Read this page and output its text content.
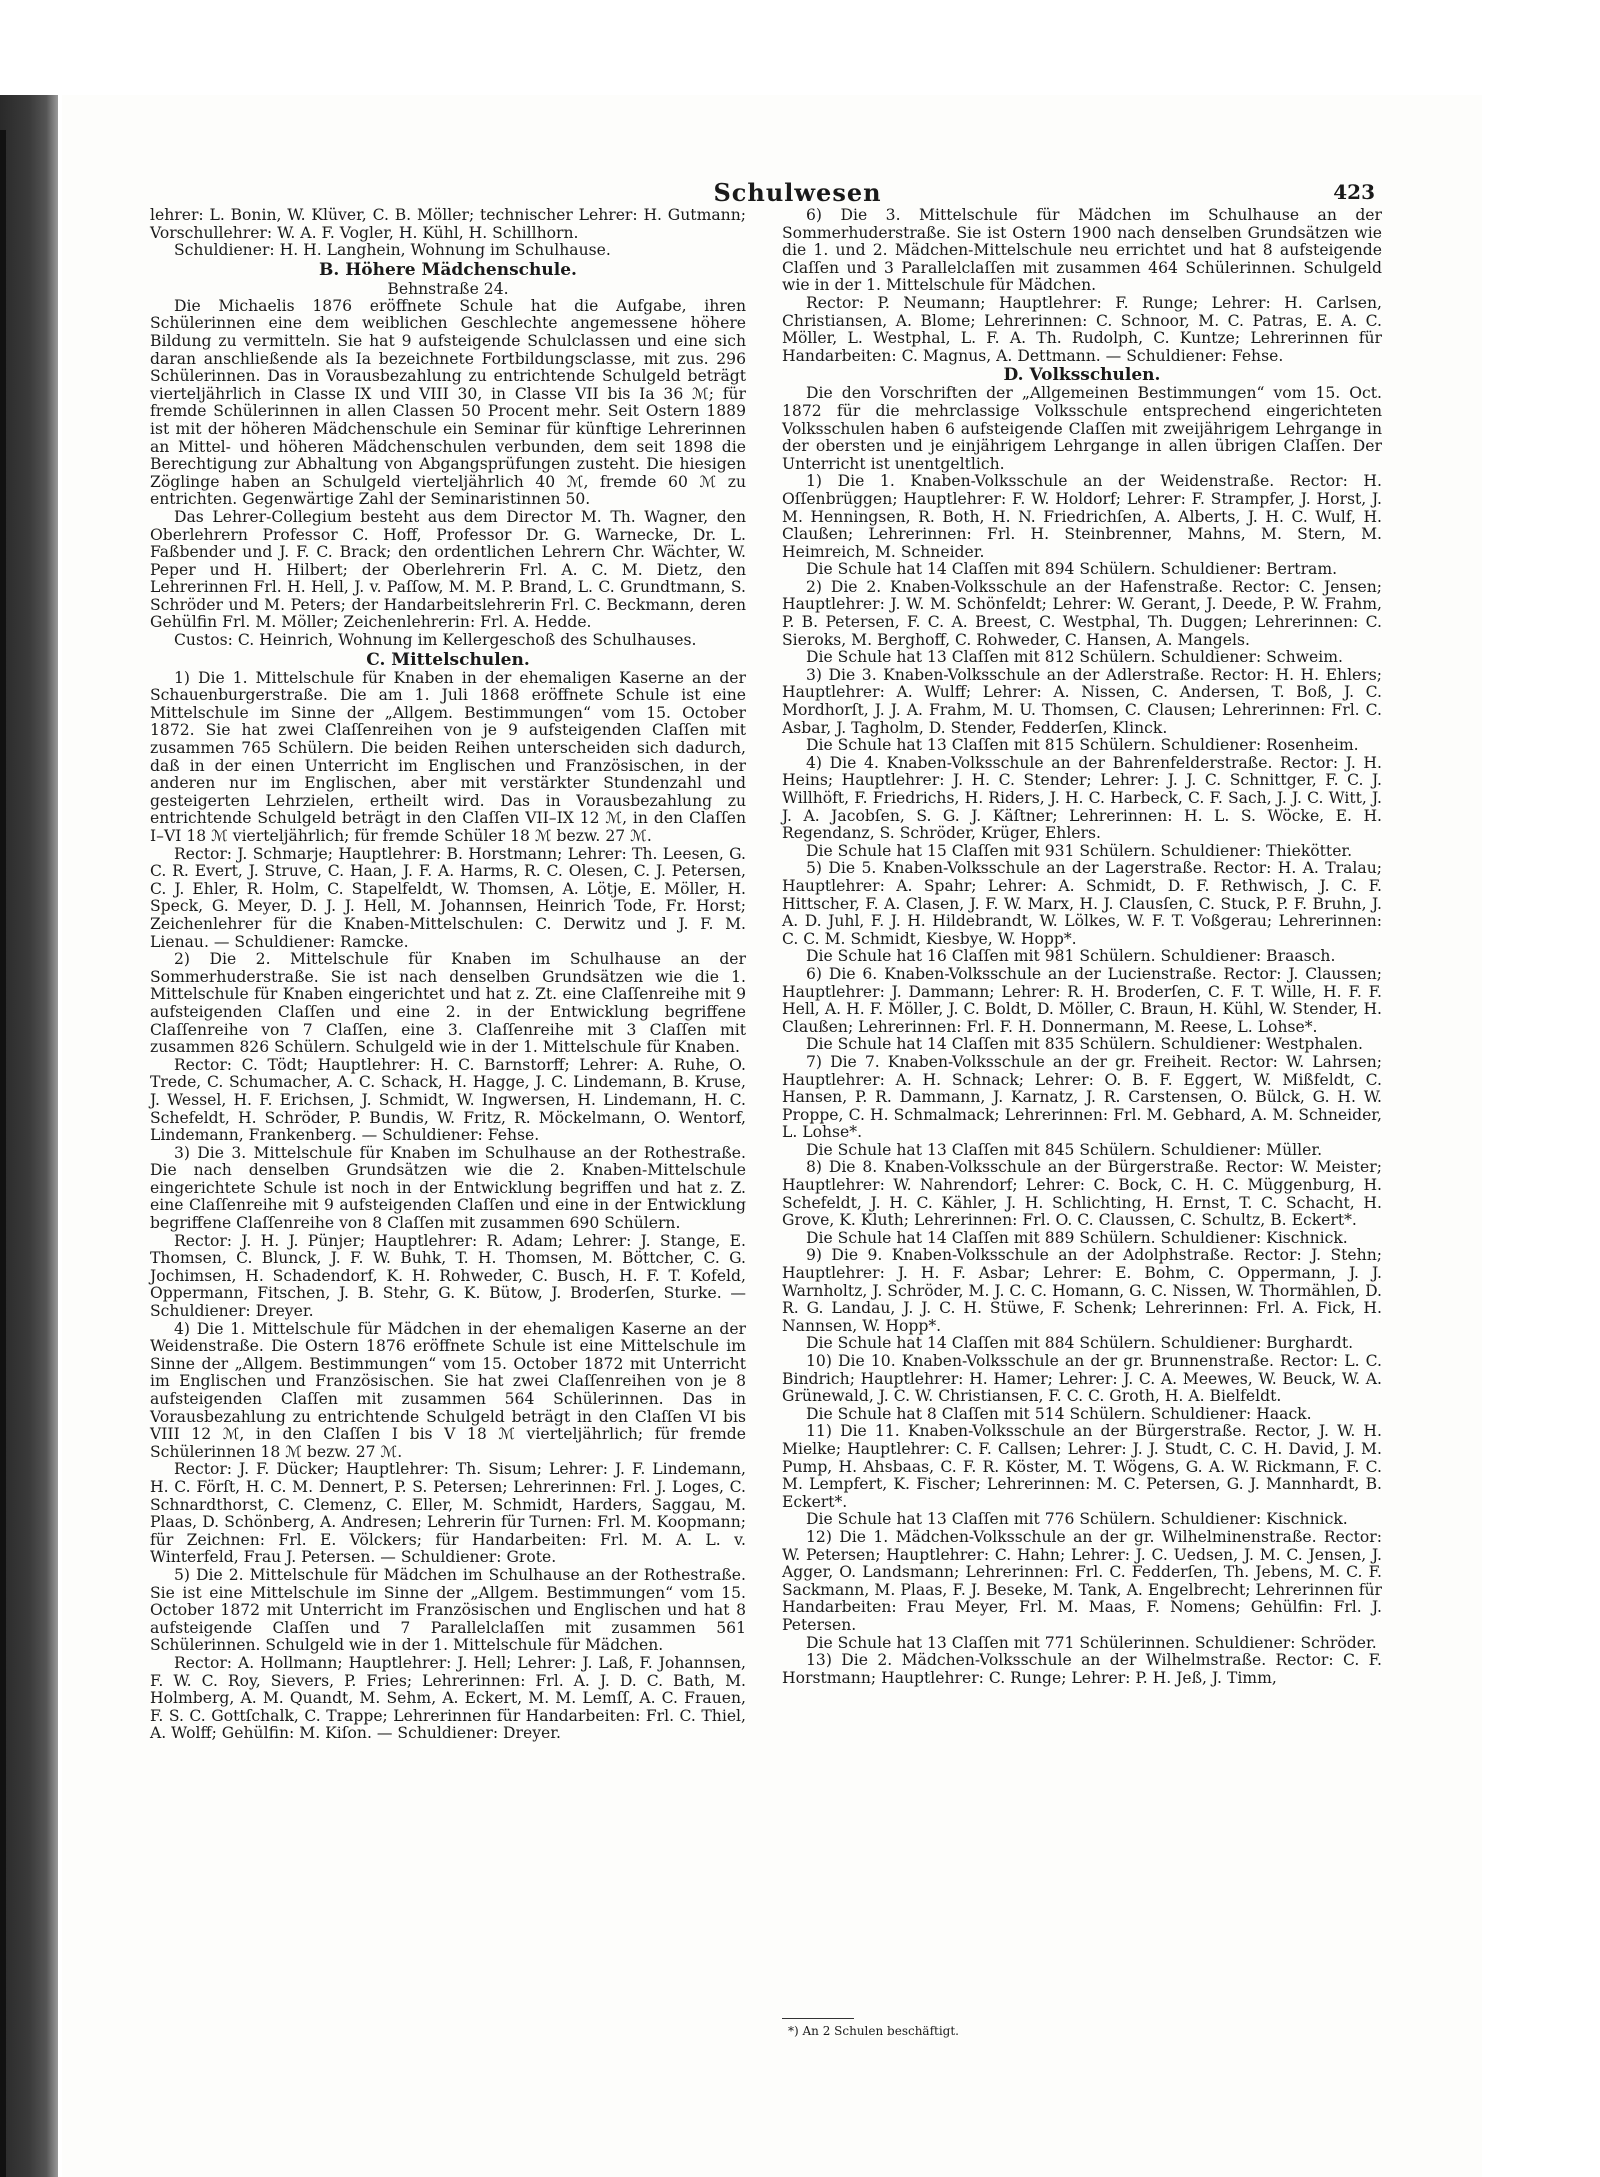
Schulwesen	423

lehrer: L. Bonin, W. Klüver, C. B. Möller; technischer Lehrer: H. Gutmann; Vorschullehrer: W. A. F. Vogler, H. Kühl, H. Schillhorn.

Schuldiener: H. H. Langhein, Wohnung im Schulhause.

B. Höhere Mädchenschule.
Behnstraße 24.

Die Michaelis 1876 eröffnete Schule hat die Aufgabe, ihren Schülerinnen eine dem weiblichen Geschlechte angemessene höhere Bildung zu vermitteln. Sie hat 9 aufsteigende Schulclassen und eine sich daran anschließende als Ia bezeichnete Fortbildungsclasse, mit zus. 296 Schülerinnen. Das in Vorausbezahlung zu entrichtende Schulgeld beträgt vierteljährlich in Classe IX und VIII 30, in Classe VII bis Ia 36 ℳ; für fremde Schülerinnen in allen Classen 50 Procent mehr. Seit Ostern 1889 ist mit der höheren Mädchenschule ein Seminar für künftige Lehrerinnen an Mittel- und höheren Mädchenschulen verbunden, dem seit 1898 die Berechtigung zur Abhaltung von Abgangsprüfungen zusteht. Die hiesigen Zöglinge haben an Schulgeld vierteljährlich 40 ℳ, fremde 60 ℳ zu entrichten. Gegenwärtige Zahl der Seminaristinnen 50.

Das Lehrer-Collegium besteht aus dem Director M. Th. Wagner, den Oberlehrern Professor C. Hoff, Professor Dr. G. Warnecke, Dr. L. Faßbender und J. F. C. Brack; den ordentlichen Lehrern Chr. Wächter, W. Peper und H. Hilbert; der Oberlehrerin Frl. A. C. M. Dietz, den Lehrerinnen Frl. H. Hell, J. v. Paſſow, M. M. P. Brand, L. C. Grundtmann, S. Schröder und M. Peters; der Handarbeitslehrerin Frl. C. Beckmann, deren Gehülfin Frl. M. Möller; Zeichenlehrerin: Frl. A. Hedde.

Custos: C. Heinrich, Wohnung im Kellergeschoß des Schulhauses.

C. Mittelschulen.

1) Die 1. Mittelschule für Knaben in der ehemaligen Kaserne an der Schauenburgerstraße. Die am 1. Juli 1868 eröffnete Schule ist eine Mittelschule im Sinne der „Allgem. Bestimmungen“ vom 15. October 1872. Sie hat zwei Claſſenreihen von je 9 aufsteigenden Claſſen mit zusammen 765 Schülern. Die beiden Reihen unterscheiden sich dadurch, daß in der einen Unterricht im Englischen und Französischen, in der anderen nur im Englischen, aber mit verstärkter Stundenzahl und gesteigerten Lehrzielen, ertheilt wird. Das in Vorausbezahlung zu entrichtende Schulgeld beträgt in den Claſſen VII–IX 12 ℳ, in den Claſſen I–VI 18 ℳ vierteljährlich; für fremde Schüler 18 ℳ bezw. 27 ℳ.

Rector: J. Schmarje; Hauptlehrer: B. Horstmann; Lehrer: Th. Leesen, G. C. R. Evert, J. Struve, C. Haan, J. F. A. Harms, R. C. Olesen, C. J. Petersen, C. J. Ehler, R. Holm, C. Stapelfeldt, W. Thomsen, A. Lötje, E. Möller, H. Speck, G. Meyer, D. J. J. Hell, M. Johannsen, Heinrich Tode, Fr. Horst; Zeichenlehrer für die Knaben-Mittelschulen: C. Derwitz und J. F. M. Lienau. — Schuldiener: Ramcke.

2) Die 2. Mittelschule für Knaben im Schulhause an der Sommerhuderstraße. Sie ist nach denselben Grundsätzen wie die 1. Mittelschule für Knaben eingerichtet und hat z. Zt. eine Claſſenreihe mit 9 aufsteigenden Claſſen und eine 2. in der Entwicklung begriffene Claſſenreihe von 7 Claſſen, eine 3. Claſſenreihe mit 3 Claſſen mit zusammen 826 Schülern. Schulgeld wie in der 1. Mittelschule für Knaben.

Rector: C. Tödt; Hauptlehrer: H. C. Barnstorff; Lehrer: A. Ruhe, O. Trede, C. Schumacher, A. C. Schack, H. Hagge, J. C. Lindemann, B. Kruse, J. Wessel, H. F. Erichsen, J. Schmidt, W. Ingwersen, H. Lindemann, H. C. Schefeldt, H. Schröder, P. Bundis, W. Fritz, R. Möckelmann, O. Wentorf, Lindemann, Frankenberg. — Schuldiener: Fehse.

3) Die 3. Mittelschule für Knaben im Schulhause an der Rothestraße. Die nach denselben Grundsätzen wie die 2. Knaben-Mittelschule eingerichtete Schule ist noch in der Entwicklung begriffen und hat z. Z. eine Claſſenreihe mit 9 aufsteigenden Claſſen und eine in der Entwicklung begriffene Claſſenreihe von 8 Claſſen mit zusammen 690 Schülern.

Rector: J. H. J. Pünjer; Hauptlehrer: R. Adam; Lehrer: J. Stange, E. Thomsen, C. Blunck, J. F. W. Buhk, T. H. Thomsen, M. Böttcher, C. G. Jochimsen, H. Schadendorf, K. H. Rohweder, C. Busch, H. F. T. Kofeld, Oppermann, Fitschen, J. B. Stehr, G. K. Bütow, J. Broderſen, Sturke. — Schuldiener: Dreyer.

4) Die 1. Mittelschule für Mädchen in der ehemaligen Kaserne an der Weidenstraße. Die Ostern 1876 eröffnete Schule ist eine Mittelschule im Sinne der „Allgem. Bestimmungen“ vom 15. October 1872 mit Unterricht im Englischen und Französischen. Sie hat zwei Claſſenreihen von je 8 aufsteigenden Claſſen mit zusammen 564 Schülerinnen. Das in Vorausbezahlung zu entrichtende Schulgeld beträgt in den Claſſen VI bis VIII 12 ℳ, in den Claſſen I bis V 18 ℳ vierteljährlich; für fremde Schülerinnen 18 ℳ bezw. 27 ℳ.

Rector: J. F. Dücker; Hauptlehrer: Th. Sisum; Lehrer: J. F. Lindemann, H. C. Förſt, H. C. M. Dennert, P. S. Petersen; Lehrerinnen: Frl. J. Loges, C. Schnardthorst, C. Clemenz, C. Eller, M. Schmidt, Harders, Saggau, M. Plaas, D. Schönberg, A. Andresen; Lehrerin für Turnen: Frl. M. Koopmann; für Zeichnen: Frl. E. Völckers; für Handarbeiten: Frl. M. A. L. v. Winterfeld, Frau J. Petersen. — Schuldiener: Grote.

5) Die 2. Mittelschule für Mädchen im Schulhause an der Rothestraße. Sie ist eine Mittelschule im Sinne der „Allgem. Bestimmungen“ vom 15. October 1872 mit Unterricht im Französischen und Englischen und hat 8 aufsteigende Claſſen und 7 Parallelclaſſen mit zusammen 561 Schülerinnen. Schulgeld wie in der 1. Mittelschule für Mädchen.

Rector: A. Hollmann; Hauptlehrer: J. Hell; Lehrer: J. Laß, F. Johannsen, F. W. C. Roy, Sievers, P. Fries; Lehrerinnen: Frl. A. J. D. C. Bath, M. Holmberg, A. M. Quandt, M. Sehm, A. Eckert, M. M. Lemſſ, A. C. Frauen, F. S. C. Gottſchalk, C. Trappe; Lehrerinnen für Handarbeiten: Frl. C. Thiel, A. Wolff; Gehülfin: M. Kiſon. — Schuldiener: Dreyer.

6) Die 3. Mittelschule für Mädchen im Schulhause an der Sommerhuderstraße. Sie ist Ostern 1900 nach denselben Grundsätzen wie die 1. und 2. Mädchen-Mittelschule neu errichtet und hat 8 aufsteigende Claſſen und 3 Parallelclaſſen mit zusammen 464 Schülerinnen. Schulgeld wie in der 1. Mittelschule für Mädchen.

Rector: P. Neumann; Hauptlehrer: F. Runge; Lehrer: H. Carlsen, Christiansen, A. Blome; Lehrerinnen: C. Schnoor, M. C. Patras, E. A. C. Möller, L. Westphal, L. F. A. Th. Rudolph, C. Kuntze; Lehrerinnen für Handarbeiten: C. Magnus, A. Dettmann. — Schuldiener: Fehse.

D. Volksschulen.

Die den Vorschriften der „Allgemeinen Bestimmungen“ vom 15. Oct. 1872 für die mehrclassige Volksschule entsprechend eingerichteten Volksschulen haben 6 aufsteigende Claſſen mit zweijährigem Lehrgange in der obersten und je einjährigem Lehrgange in allen übrigen Claſſen. Der Unterricht ist unentgeltlich.

1) Die 1. Knaben-Volksschule an der Weidenstraße. Rector: H. Oſſenbrüggen; Hauptlehrer: F. W. Holdorf; Lehrer: F. Strampfer, J. Horst, J. M. Henningsen, R. Both, H. N. Friedrichſen, A. Alberts, J. H. C. Wulf, H. Claußen; Lehrerinnen: Frl. H. Steinbrenner, Mahns, M. Stern, M. Heimreich, M. Schneider.

Die Schule hat 14 Claſſen mit 894 Schülern. Schuldiener: Bertram.

2) Die 2. Knaben-Volksschule an der Hafenstraße. Rector: C. Jensen; Hauptlehrer: J. W. M. Schönfeldt; Lehrer: W. Gerant, J. Deede, P. W. Frahm, P. B. Petersen, F. C. A. Breest, C. Westphal, Th. Duggen; Lehrerinnen: C. Sieroks, M. Berghoff, C. Rohweder, C. Hansen, A. Mangels.

Die Schule hat 13 Claſſen mit 812 Schülern. Schuldiener: Schweim.

3) Die 3. Knaben-Volksschule an der Adlerstraße. Rector: H. H. Ehlers; Hauptlehrer: A. Wulff; Lehrer: A. Nissen, C. Andersen, T. Boß, J. C. Mordhorſt, J. J. A. Frahm, M. U. Thomsen, C. Clausen; Lehrerinnen: Frl. C. Asbar, J. Tagholm, D. Stender, Fedderſen, Klinck.

Die Schule hat 13 Claſſen mit 815 Schülern. Schuldiener: Rosenheim.

4) Die 4. Knaben-Volksschule an der Bahrenfelderstraße. Rector: J. H. Heins; Hauptlehrer: J. H. C. Stender; Lehrer: J. J. C. Schnittger, F. C. J. Willhöft, F. Friedrichs, H. Riders, J. H. C. Harbeck, C. F. Sach, J. J. C. Witt, J. J. A. Jacobſen, S. G. J. Käſtner; Lehrerinnen: H. L. S. Wöcke, E. H. Regendanz, S. Schröder, Krüger, Ehlers.

Die Schule hat 15 Claſſen mit 931 Schülern. Schuldiener: Thiekötter.

5) Die 5. Knaben-Volksschule an der Lagerstraße. Rector: H. A. Tralau; Hauptlehrer: A. Spahr; Lehrer: A. Schmidt, D. F. Rethwisch, J. C. F. Hittscher, F. A. Clasen, J. F. W. Marx, H. J. Clausſen, C. Stuck, P. F. Bruhn, J. A. D. Juhl, F. J. H. Hildebrandt, W. Lölkes, W. F. T. Voßgerau; Lehrerinnen: C. C. M. Schmidt, Kiesbye, W. Hopp*.

Die Schule hat 16 Claſſen mit 981 Schülern. Schuldiener: Braasch.

6) Die 6. Knaben-Volksschule an der Lucienstraße. Rector: J. Claussen; Hauptlehrer: J. Dammann; Lehrer: R. H. Broderſen, C. F. T. Wille, H. F. F. Hell, A. H. F. Möller, J. C. Boldt, D. Möller, C. Braun, H. Kühl, W. Stender, H. Claußen; Lehrerinnen: Frl. F. H. Donnermann, M. Reese, L. Lohse*.

Die Schule hat 14 Claſſen mit 835 Schülern. Schuldiener: Westphalen.

7) Die 7. Knaben-Volksschule an der gr. Freiheit. Rector: W. Lahrsen; Hauptlehrer: A. H. Schnack; Lehrer: O. B. F. Eggert, W. Mißfeldt, C. Hansen, P. R. Dammann, J. Karnatz, J. R. Carstensen, O. Bülck, G. H. W. Proppe, C. H. Schmalmack; Lehrerinnen: Frl. M. Gebhard, A. M. Schneider, L. Lohse*.

Die Schule hat 13 Claſſen mit 845 Schülern. Schuldiener: Müller.

8) Die 8. Knaben-Volksschule an der Bürgerstraße. Rector: W. Meister; Hauptlehrer: W. Nahrendorf; Lehrer: C. Bock, C. H. C. Müggenburg, H. Schefeldt, J. H. C. Kähler, J. H. Schlichting, H. Ernst, T. C. Schacht, H. Grove, K. Kluth; Lehrerinnen: Frl. O. C. Claussen, C. Schultz, B. Eckert*.

Die Schule hat 14 Claſſen mit 889 Schülern. Schuldiener: Kischnick.

9) Die 9. Knaben-Volksschule an der Adolphstraße. Rector: J. Stehn; Hauptlehrer: J. H. F. Asbar; Lehrer: E. Bohm, C. Oppermann, J. J. Warnholtz, J. Schröder, M. J. C. C. Homann, G. C. Nissen, W. Thormählen, D. R. G. Landau, J. J. C. H. Stüwe, F. Schenk; Lehrerinnen: Frl. A. Fick, H. Nannsen, W. Hopp*.

Die Schule hat 14 Claſſen mit 884 Schülern. Schuldiener: Burghardt.

10) Die 10. Knaben-Volksschule an der gr. Brunnenstraße. Rector: L. C. Bindrich; Hauptlehrer: H. Hamer; Lehrer: J. C. A. Meewes, W. Beuck, W. A. Grünewald, J. C. W. Christiansen, F. C. C. Groth, H. A. Bielfeldt.

Die Schule hat 8 Claſſen mit 514 Schülern. Schuldiener: Haack.

11) Die 11. Knaben-Volksschule an der Bürgerstraße. Rector, J. W. H. Mielke; Hauptlehrer: C. F. Callsen; Lehrer: J. J. Studt, C. C. H. David, J. M. Pump, H. Ahsbaas, C. F. R. Köster, M. T. Wögens, G. A. W. Rickmann, F. C. M. Lempfert, K. Fischer; Lehrerinnen: M. C. Petersen, G. J. Mannhardt, B. Eckert*.

Die Schule hat 13 Claſſen mit 776 Schülern. Schuldiener: Kischnick.

12) Die 1. Mädchen-Volksschule an der gr. Wilhelminenstraße. Rector: W. Petersen; Hauptlehrer: C. Hahn; Lehrer: J. C. Uedsen, J. M. C. Jensen, J. Agger, O. Landsmann; Lehrerinnen: Frl. C. Fedderſen, Th. Jebens, M. C. F. Sackmann, M. Plaas, F. J. Beseke, M. Tank, A. Engelbrecht; Lehrerinnen für Handarbeiten: Frau Meyer, Frl. M. Maas, F. Nomens; Gehülfin: Frl. J. Petersen.

Die Schule hat 13 Claſſen mit 771 Schülerinnen. Schuldiener: Schröder.

13) Die 2. Mädchen-Volksschule an der Wilhelmstraße. Rector: C. F. Horstmann; Hauptlehrer: C. Runge; Lehrer: P. H. Jeß, J. Timm,

*) An 2 Schulen beschäftigt.
